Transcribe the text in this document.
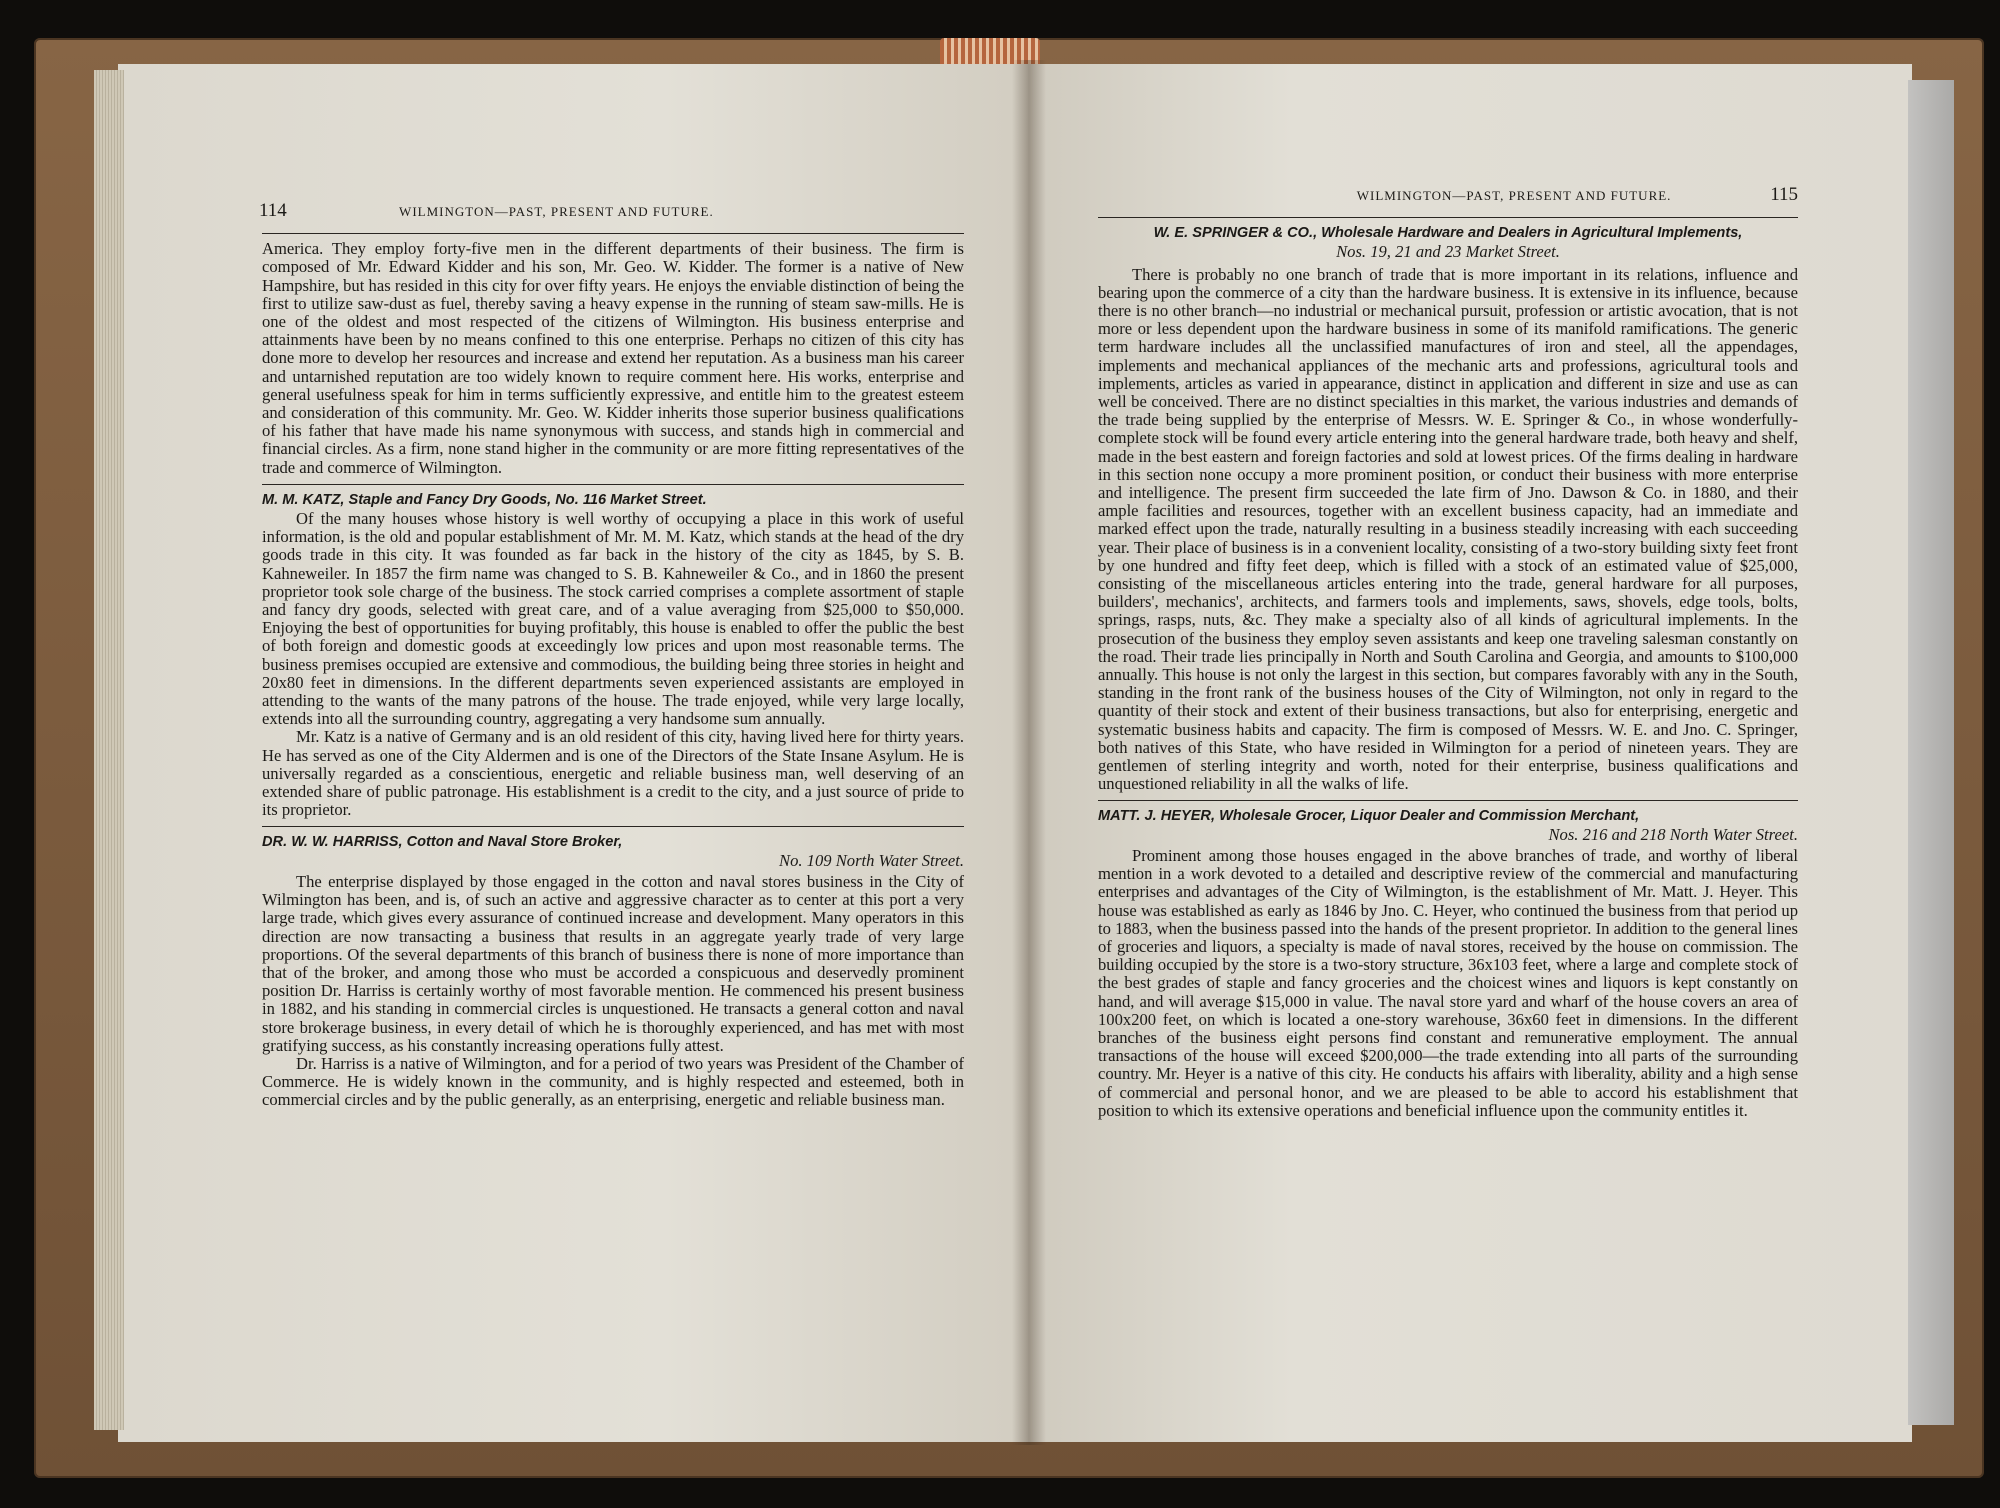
114	WILMINGTON—PAST, PRESENT AND FUTURE.

America. They employ forty-five men in the different departments of their business. The firm is composed of Mr. Edward Kidder and his son, Mr. Geo. W. Kidder. The former is a native of New Hampshire, but has resided in this city for over fifty years. He enjoys the enviable distinction of being the first to utilize saw-dust as fuel, thereby saving a heavy expense in the running of steam saw-mills. He is one of the oldest and most respected of the citizens of Wilmington. His business enterprise and attainments have been by no means confined to this one enterprise. Perhaps no citizen of this city has done more to develop her resources and increase and extend her reputation. As a business man his career and untarnished reputation are too widely known to require comment here. His works, enterprise and general usefulness speak for him in terms sufficiently expressive, and entitle him to the greatest esteem and consideration of this community. Mr. Geo. W. Kidder inherits those superior business qualifications of his father that have made his name synonymous with success, and stands high in commercial and financial circles. As a firm, none stand higher in the community or are more fitting representatives of the trade and commerce of Wilmington.

M. M. KATZ, Staple and Fancy Dry Goods, No. 116 Market Street.

Of the many houses whose history is well worthy of occupying a place in this work of useful information, is the old and popular establishment of Mr. M. M. Katz, which stands at the head of the dry goods trade in this city. It was founded as far back in the history of the city as 1845, by S. B. Kahneweiler. In 1857 the firm name was changed to S. B. Kahneweiler & Co., and in 1860 the present proprietor took sole charge of the business. The stock carried comprises a complete assortment of staple and fancy dry goods, selected with great care, and of a value averaging from $25,000 to $50,000. Enjoying the best of opportunities for buying profitably, this house is enabled to offer the public the best of both foreign and domestic goods at exceedingly low prices and upon most reasonable terms. The business premises occupied are extensive and commodious, the building being three stories in height and 20x80 feet in dimensions. In the different departments seven experienced assistants are employed in attending to the wants of the many patrons of the house. The trade enjoyed, while very large locally, extends into all the surrounding country, aggregating a very handsome sum annually.

Mr. Katz is a native of Germany and is an old resident of this city, having lived here for thirty years. He has served as one of the City Aldermen and is one of the Directors of the State Insane Asylum. He is universally regarded as a conscientious, energetic and reliable business man, well deserving of an extended share of public patronage. His establishment is a credit to the city, and a just source of pride to its proprietor.

DR. W. W. HARRISS, Cotton and Naval Store Broker,
No. 109 North Water Street.

The enterprise displayed by those engaged in the cotton and naval stores business in the City of Wilmington has been, and is, of such an active and aggressive character as to center at this port a very large trade, which gives every assurance of continued increase and development. Many operators in this direction are now transacting a business that results in an aggregate yearly trade of very large proportions. Of the several departments of this branch of business there is none of more importance than that of the broker, and among those who must be accorded a conspicuous and deservedly prominent position Dr. Harriss is certainly worthy of most favorable mention. He commenced his present business in 1882, and his standing in commercial circles is unquestioned. He transacts a general cotton and naval store brokerage business, in every detail of which he is thoroughly experienced, and has met with most gratifying success, as his constantly increasing operations fully attest.

Dr. Harriss is a native of Wilmington, and for a period of two years was President of the Chamber of Commerce. He is widely known in the community, and is highly respected and esteemed, both in commercial circles and by the public generally, as an enterprising, energetic and reliable business man.

WILMINGTON—PAST, PRESENT AND FUTURE.	115
W. E. SPRINGER & CO., Wholesale Hardware and Dealers in Agricultural Implements,
Nos. 19, 21 and 23 Market Street.

There is probably no one branch of trade that is more important in its relations, influence and bearing upon the commerce of a city than the hardware business. It is extensive in its influence, because there is no other branch—no industrial or mechanical pursuit, profession or artistic avocation, that is not more or less dependent upon the hardware business in some of its manifold ramifications. The generic term hardware includes all the unclassified manufactures of iron and steel, all the appendages, implements and mechanical appliances of the mechanic arts and professions, agricultural tools and implements, articles as varied in appearance, distinct in application and different in size and use as can well be conceived. There are no distinct specialties in this market, the various industries and demands of the trade being supplied by the enterprise of Messrs. W. E. Springer & Co., in whose wonderfully-complete stock will be found every article entering into the general hardware trade, both heavy and shelf, made in the best eastern and foreign factories and sold at lowest prices. Of the firms dealing in hardware in this section none occupy a more prominent position, or conduct their business with more enterprise and intelligence. The present firm succeeded the late firm of Jno. Dawson & Co. in 1880, and their ample facilities and resources, together with an excellent business capacity, had an immediate and marked effect upon the trade, naturally resulting in a business steadily increasing with each succeeding year. Their place of business is in a convenient locality, consisting of a two-story building sixty feet front by one hundred and fifty feet deep, which is filled with a stock of an estimated value of $25,000, consisting of the miscellaneous articles entering into the trade, general hardware for all purposes, builders', mechanics', architects, and farmers tools and implements, saws, shovels, edge tools, bolts, springs, rasps, nuts, &c. They make a specialty also of all kinds of agricultural implements. In the prosecution of the business they employ seven assistants and keep one traveling salesman constantly on the road. Their trade lies principally in North and South Carolina and Georgia, and amounts to $100,000 annually. This house is not only the largest in this section, but compares favorably with any in the South, standing in the front rank of the business houses of the City of Wilmington, not only in regard to the quantity of their stock and extent of their business transactions, but also for enterprising, energetic and systematic business habits and capacity. The firm is composed of Messrs. W. E. and Jno. C. Springer, both natives of this State, who have resided in Wilmington for a period of nineteen years. They are gentlemen of sterling integrity and worth, noted for their enterprise, business qualifications and unquestioned reliability in all the walks of life.

MATT. J. HEYER, Wholesale Grocer, Liquor Dealer and Commission Merchant,
Nos. 216 and 218 North Water Street.

Prominent among those houses engaged in the above branches of trade, and worthy of liberal mention in a work devoted to a detailed and descriptive review of the commercial and manufacturing enterprises and advantages of the City of Wilmington, is the establishment of Mr. Matt. J. Heyer. This house was established as early as 1846 by Jno. C. Heyer, who continued the business from that period up to 1883, when the business passed into the hands of the present proprietor. In addition to the general lines of groceries and liquors, a specialty is made of naval stores, received by the house on commission. The building occupied by the store is a two-story structure, 36x103 feet, where a large and complete stock of the best grades of staple and fancy groceries and the choicest wines and liquors is kept constantly on hand, and will average $15,000 in value. The naval store yard and wharf of the house covers an area of 100x200 feet, on which is located a one-story warehouse, 36x60 feet in dimensions. In the different branches of the business eight persons find constant and remunerative employment. The annual transactions of the house will exceed $200,000—the trade extending into all parts of the surrounding country. Mr. Heyer is a native of this city. He conducts his affairs with liberality, ability and a high sense of commercial and personal honor, and we are pleased to be able to accord his establishment that position to which its extensive operations and beneficial influence upon the community entitles it.
